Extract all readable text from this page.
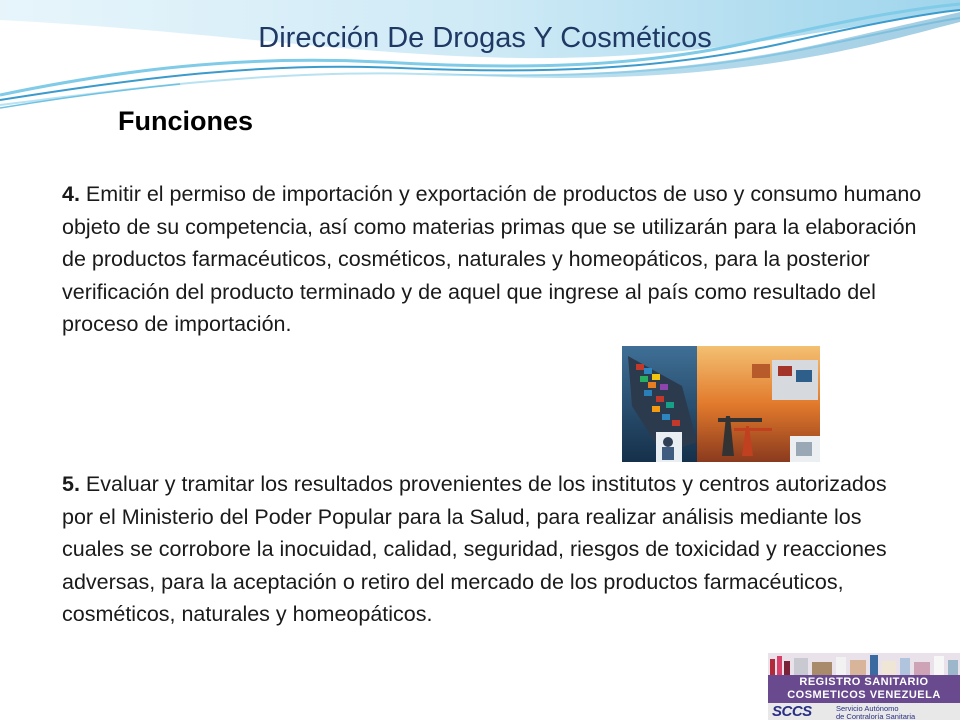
Dirección De Drogas Y Cosméticos
Funciones
4. Emitir el permiso de importación y exportación de productos de uso y consumo humano objeto de su competencia, así como materias primas que se utilizarán para la elaboración de productos farmacéuticos, cosméticos, naturales y homeopáticos, para la posterior verificación del producto terminado y de aquel que ingrese al país como resultado del proceso de importación.
5. Evaluar y tramitar los resultados provenientes de los institutos y centros autorizados por el Ministerio del Poder Popular para la Salud, para realizar análisis mediante los cuales se corrobore la inocuidad, calidad, seguridad, riesgos de toxicidad y reacciones adversas, para la aceptación o retiro del mercado de los productos farmacéuticos, cosméticos, naturales y homeopáticos.
REGISTRO SANITARIO
COSMETICOS VENEZUELA
SCCS	Servicio Autónomo
de Contraloría Sanitaria
